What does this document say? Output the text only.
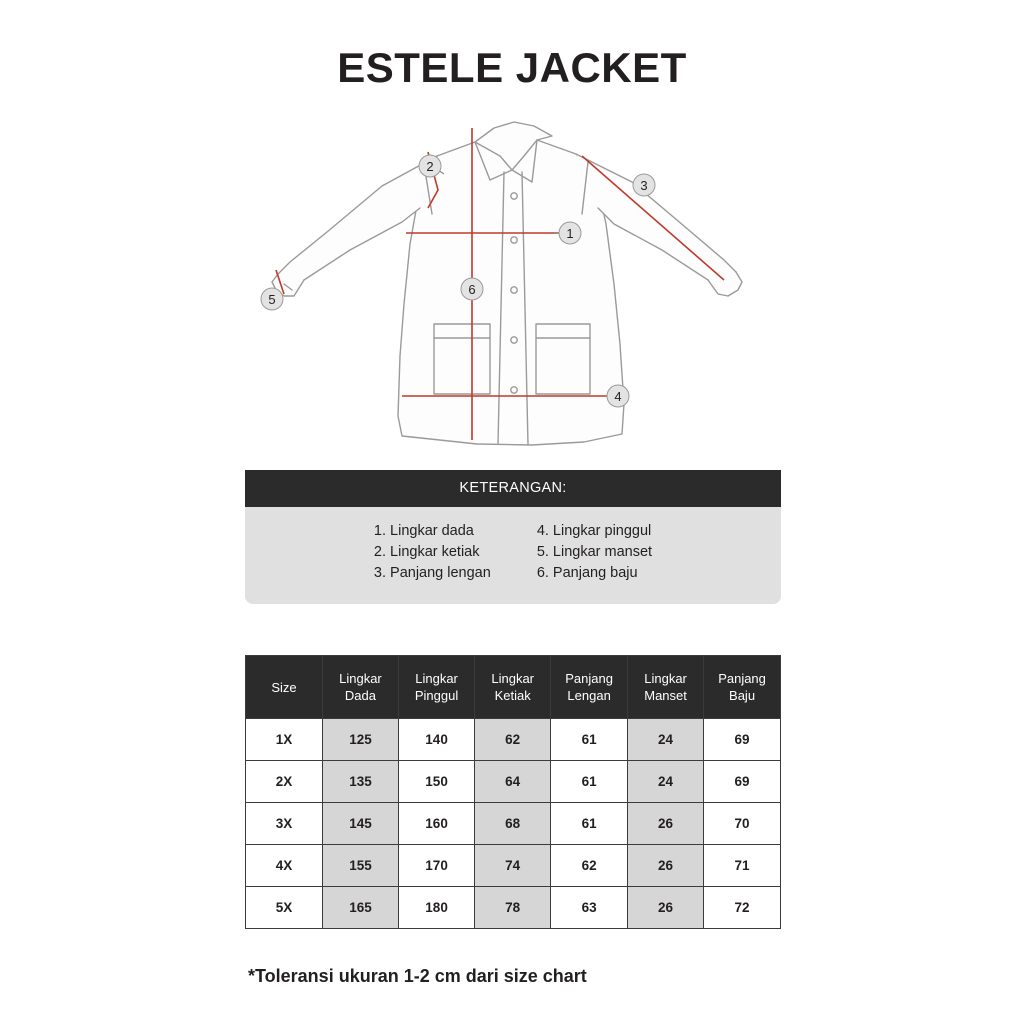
ESTELE JACKET
1
2
3
4
5
6
KETERANGAN:
1. Lingkar dada
2. Lingkar ketiak
3. Panjang lengan
4. Lingkar pinggul
5. Lingkar manset
6. Panjang baju
Size	Lingkar Dada	Lingkar Pinggul	Lingkar Ketiak	Panjang Lengan	Lingkar Manset	Panjang Baju
1X	125	140	62	61	24	69
2X	135	150	64	61	24	69
3X	145	160	68	61	26	70
4X	155	170	74	62	26	71
5X	165	180	78	63	26	72
*Toleransi ukuran 1-2 cm dari size chart
